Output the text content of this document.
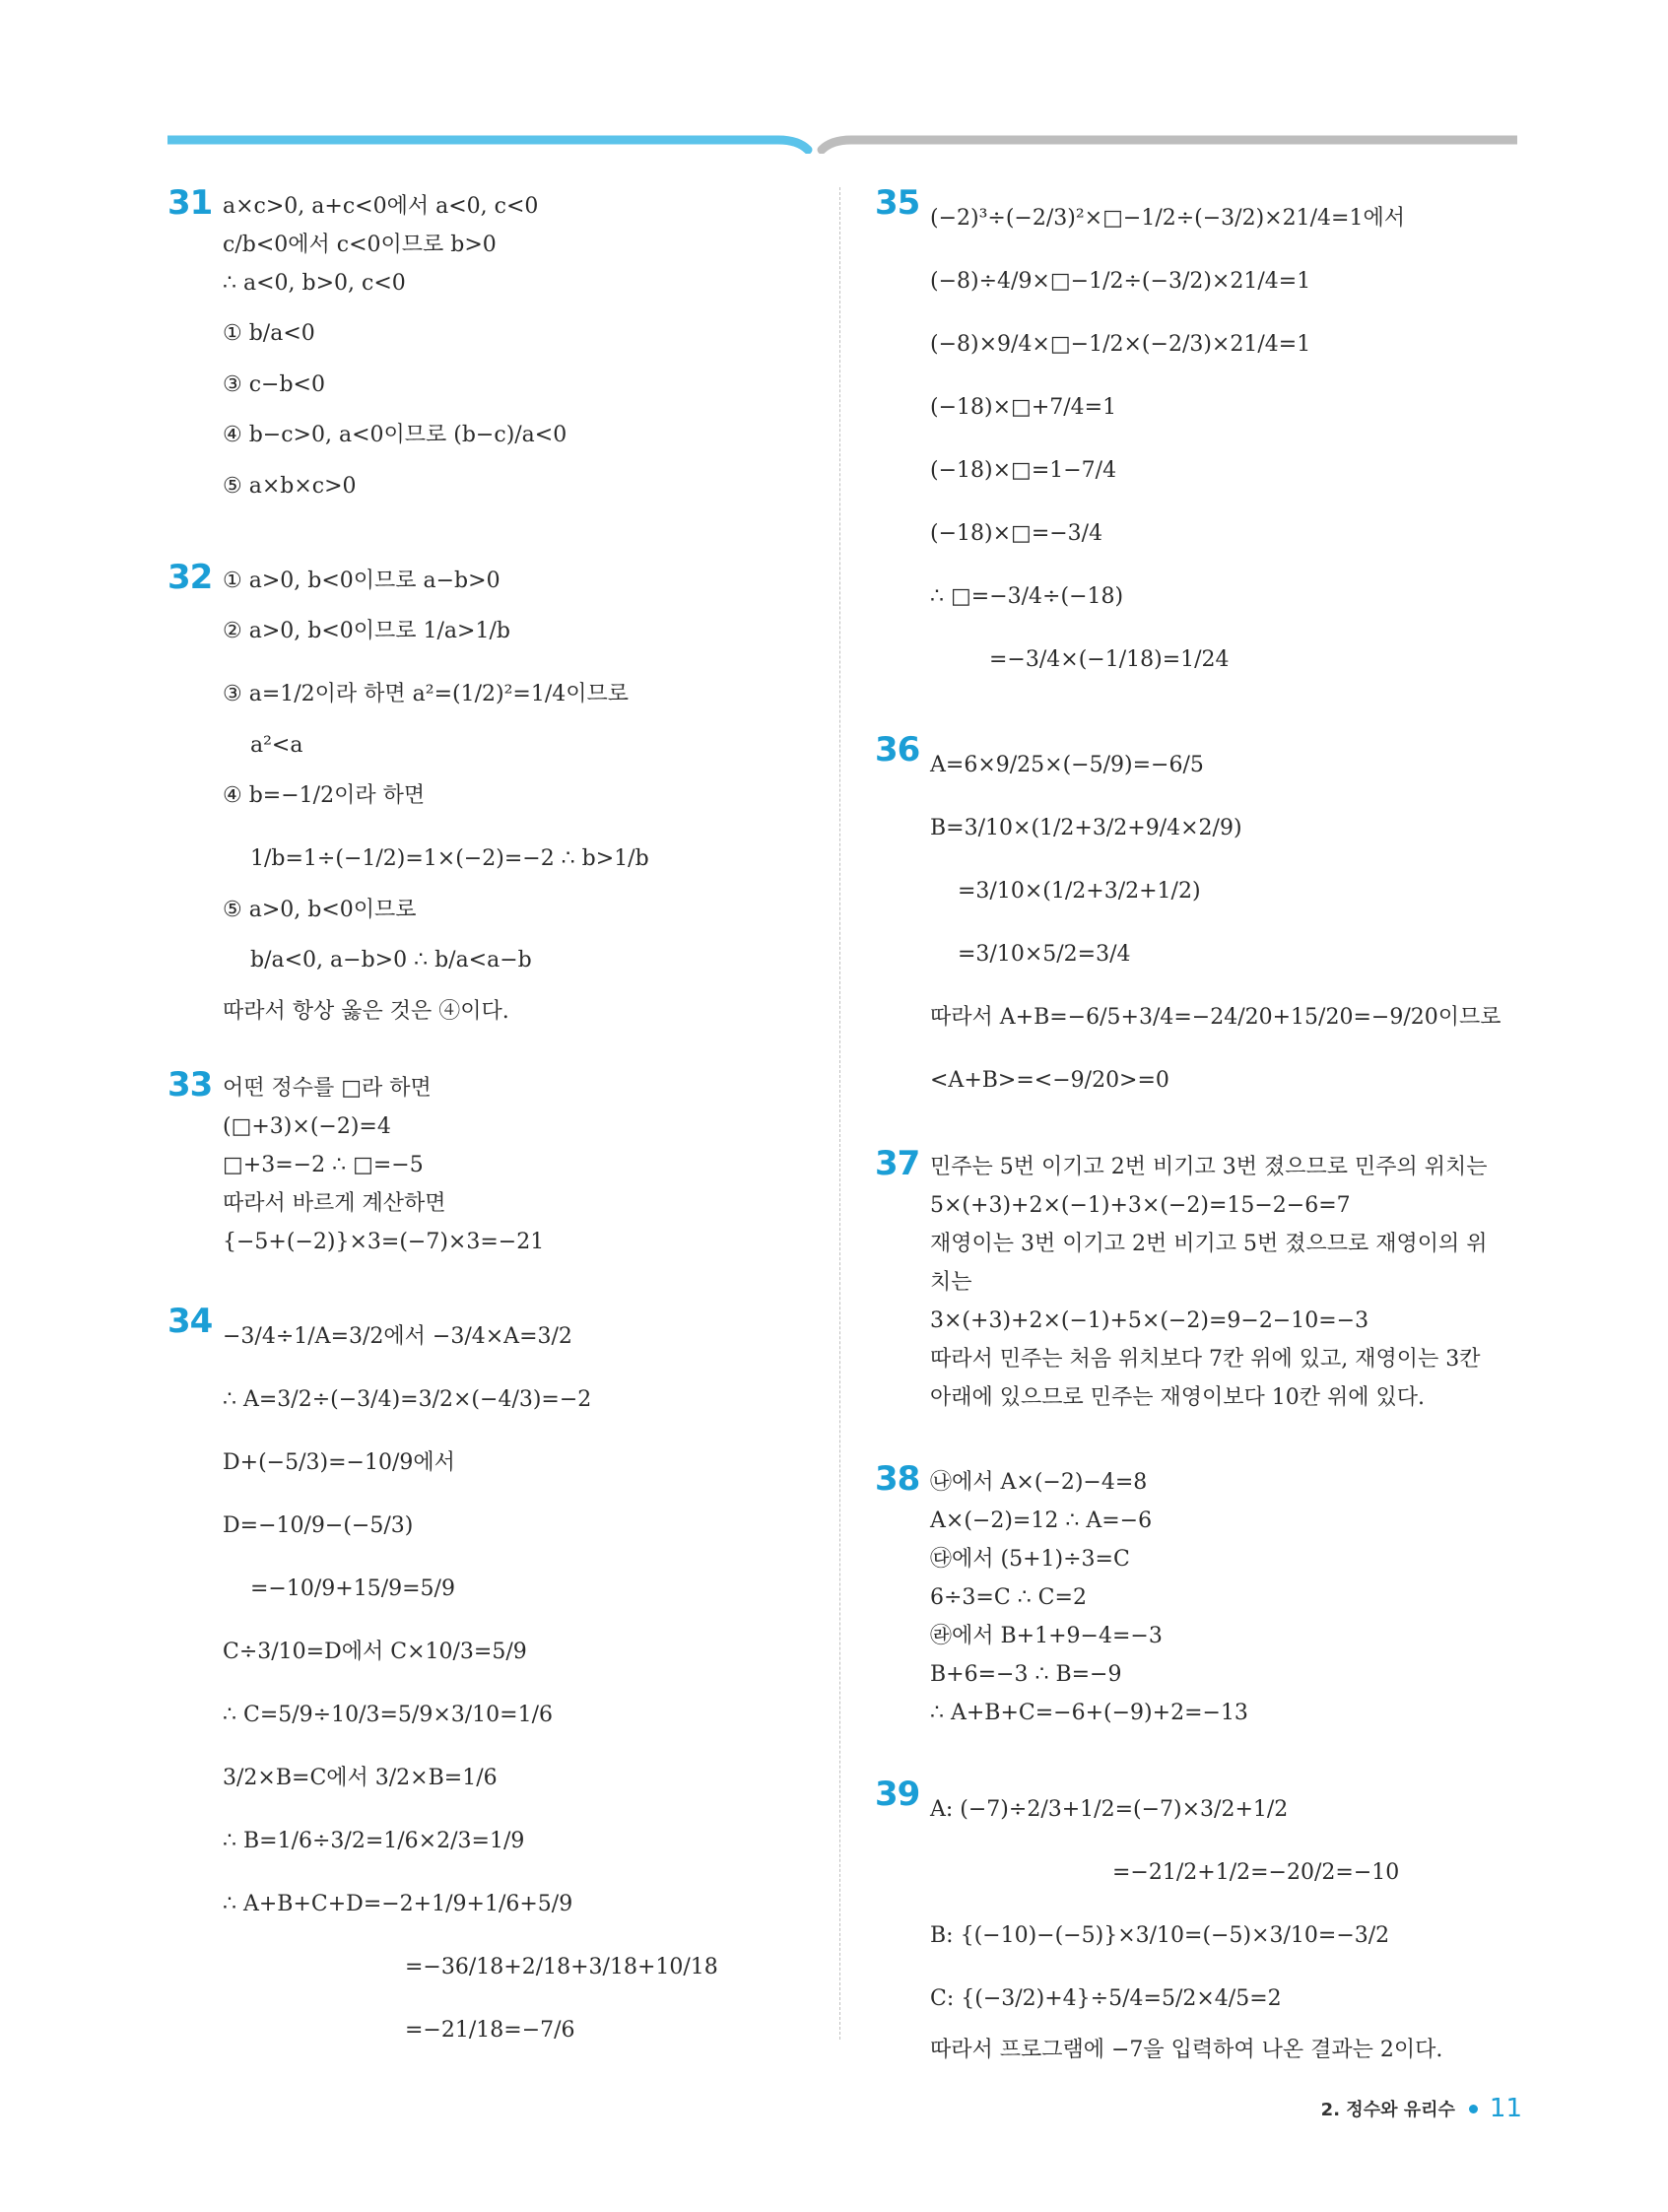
31 a×c>0, a+c<0에서 a<0, c<0
c/b<0에서 c<0이므로 b>0
∴ a<0, b>0, c<0
① b/a<0
③ c−b<0
④ b−c>0, a<0이므로 (b−c)/a<0
⑤ a×b×c>0
32 ① a>0, b<0이므로 a−b>0
② a>0, b<0이므로 1/a>1/b
③ a=1/2이라 하면 a²=(1/2)²=1/4이므로
a²<a
④ b=−1/2이라 하면
1/b=1÷(−1/2)=1×(−2)=−2 ∴ b>1/b
⑤ a>0, b<0이므로
b/a<0, a−b>0 ∴ b/a<a−b
따라서 항상 옳은 것은 ④이다.
33 어떤 정수를 □라 하면
(□+3)×(−2)=4
□+3=−2 ∴ □=−5
따라서 바르게 계산하면
{−5+(−2)}×3=(−7)×3=−21
34 −3/4÷1/A=3/2에서 −3/4×A=3/2
∴ A=3/2÷(−3/4)=3/2×(−4/3)=−2
D+(−5/3)=−10/9에서
D=−10/9−(−5/3)
=−10/9+15/9=5/9
C÷3/10=D에서 C×10/3=5/9
∴ C=5/9÷10/3=5/9×3/10=1/6
3/2×B=C에서 3/2×B=1/6
∴ B=1/6÷3/2=1/6×2/3=1/9
∴ A+B+C+D=−2+1/9+1/6+5/9
=−36/18+2/18+3/18+10/18
=−21/18=−7/6
35 (−2)³÷(−2/3)²×□−1/2÷(−3/2)×21/4=1에서
(−8)÷4/9×□−1/2÷(−3/2)×21/4=1
(−8)×9/4×□−1/2×(−2/3)×21/4=1
(−18)×□+7/4=1
(−18)×□=1−7/4
(−18)×□=−3/4
∴ □=−3/4÷(−18)
=−3/4×(−1/18)=1/24
36 A=6×9/25×(−5/9)=−6/5
B=3/10×(1/2+3/2+9/4×2/9)
=3/10×(1/2+3/2+1/2)
=3/10×5/2=3/4
따라서 A+B=−6/5+3/4=−24/20+15/20=−9/20이므로
<A+B>=<−9/20>=0
37 민주는 5번 이기고 2번 비기고 3번 졌으므로 민주의 위치는
5×(+3)+2×(−1)+3×(−2)=15−2−6=7
재영이는 3번 이기고 2번 비기고 5번 졌으므로 재영이의 위
치는
3×(+3)+2×(−1)+5×(−2)=9−2−10=−3
따라서 민주는 처음 위치보다 7칸 위에 있고, 재영이는 3칸
아래에 있으므로 민주는 재영이보다 10칸 위에 있다.
38 ㉯에서 A×(−2)−4=8
A×(−2)=12 ∴ A=−6
㉰에서 (5+1)÷3=C
6÷3=C ∴ C=2
㉱에서 B+1+9−4=−3
B+6=−3 ∴ B=−9
∴ A+B+C=−6+(−9)+2=−13
39 A: (−7)÷2/3+1/2=(−7)×3/2+1/2
=−21/2+1/2=−20/2=−10
B: {(−10)−(−5)}×3/10=(−5)×3/10=−3/2
C: {(−3/2)+4}÷5/4=5/2×4/5=2
따라서 프로그램에 −7을 입력하여 나온 결과는 2이다.
2. 정수와 유리수 11
